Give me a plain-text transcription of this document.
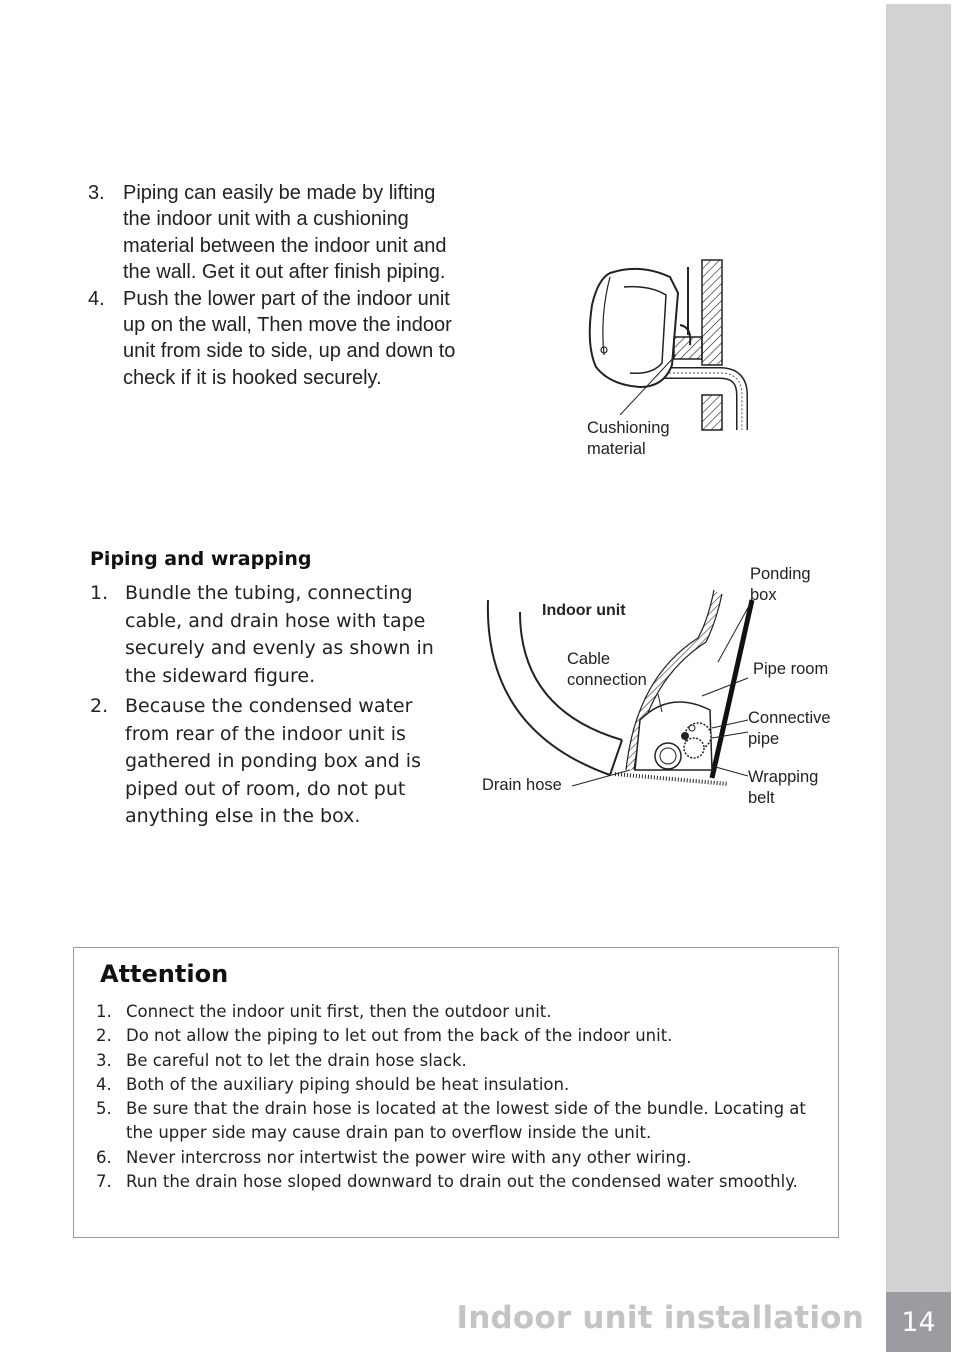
14
Indoor unit installation
3. Piping can easily be made by lifting the indoor unit with a cushioning material between the indoor unit and the wall. Get it out after finish piping.
4. Push the lower part of the indoor unit up on the wall, Then move the indoor unit from side to side, up and down to check if it is hooked securely.
Cushioning
material
Piping and wrapping
1. Bundle the tubing, connecting cable, and drain hose with tape securely and evenly as shown in the sideward figure.
2. Because the condensed water from rear of the indoor unit is gathered in ponding box and is piped out of room, do not put anything else in the box.
Indoor unit
Ponding
box
Cable
connection
Pipe room
Connective
pipe
Drain hose	Wrapping
belt
Attention
1. Connect the indoor unit first, then the outdoor unit.
2. Do not allow the piping to let out from the back of the indoor unit.
3. Be careful not to let the drain hose slack.
4. Both of the auxiliary piping should be heat insulation.
5. Be sure that the drain hose is located at the lowest side of the bundle. Locating at the upper side may cause drain pan to overflow inside the unit.
6. Never intercross nor intertwist the power wire with any other wiring.
7. Run the drain hose sloped downward to drain out the condensed water smoothly.
